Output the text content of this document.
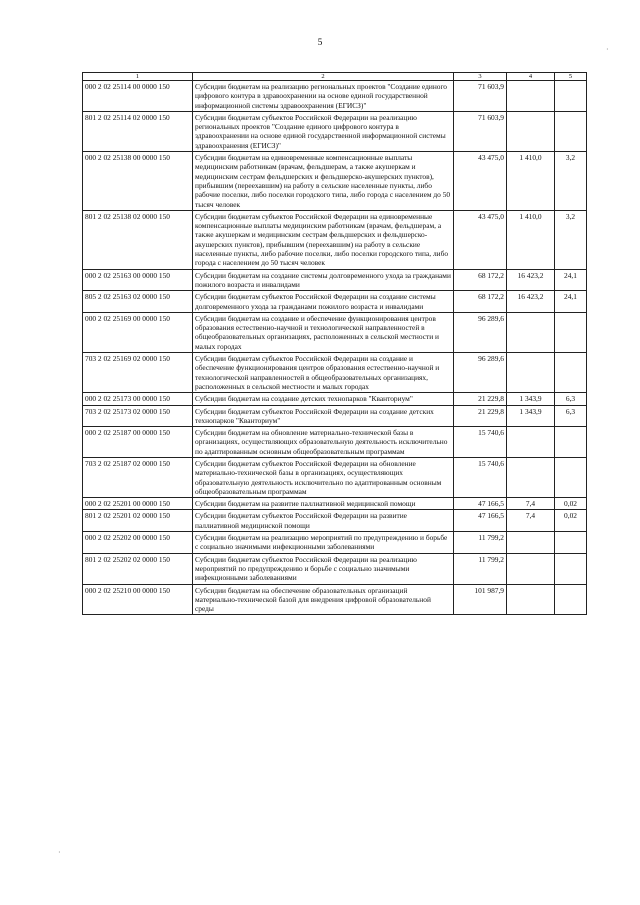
5
1	2	3	4	5
000 2 02 25114 00 0000 150	Субсидии бюджетам на реализацию региональных проектов "Создание единого цифрового контура в здравоохранении на основе единой государственной информационной системы здравоохранения (ЕГИСЗ)"	71 603,9		
801 2 02 25114 02 0000 150	Субсидии бюджетам субъектов Российской Федерации на реализацию региональных проектов "Создание единого цифрового контура в здравоохранении на основе единой государственной информационной системы здравоохранения (ЕГИСЗ)"	71 603,9		
000 2 02 25138 00 0000 150	Субсидии бюджетам на единовременные компенсационные выплаты медицинским работникам (врачам, фельдшерам, а также акушеркам и медицинским сестрам фельдшерских и фельдшерско-акушерских пунктов), прибывшим (переехавшим) на работу в сельские населенные пункты, либо рабочие поселки, либо поселки городского типа, либо города с населением до 50 тысяч человек	43 475,0	1 410,0	3,2
801 2 02 25138 02 0000 150	Субсидии бюджетам субъектов Российской Федерации на единовременные компенсационные выплаты медицинским работникам (врачам, фельдшерам, а также акушеркам и медицинским сестрам фельдшерских и фельдшерско-акушерских пунктов), прибывшим (переехавшим) на работу в сельские населенные пункты, либо рабочие поселки, либо поселки городского типа, либо города с населением до 50 тысяч человек	43 475,0	1 410,0	3,2
000 2 02 25163 00 0000 150	Субсидии бюджетам на создание системы долговременного ухода за гражданами пожилого возраста и инвалидами	68 172,2	16 423,2	24,1
805 2 02 25163 02 0000 150	Субсидии бюджетам субъектов Российской Федерации на создание системы долговременного ухода за гражданами пожилого возраста и инвалидами	68 172,2	16 423,2	24,1
000 2 02 25169 00 0000 150	Субсидии бюджетам на создание и обеспечение функционирования центров образования естественно-научной и технологической направленностей в общеобразовательных организациях, расположенных в сельской местности и малых городах	96 289,6		
703 2 02 25169 02 0000 150	Субсидии бюджетам субъектов Российской Федерации на создание и обеспечение функционирования центров образования естественно-научной и технологической направленностей в общеобразовательных организациях, расположенных в сельской местности и малых городах	96 289,6		
000 2 02 25173 00 0000 150	Субсидии бюджетам на создание детских технопарков "Кванториум"	21 229,8	1 343,9	6,3
703 2 02 25173 02 0000 150	Субсидии бюджетам субъектов Российской Федерации на создание детских технопарков "Кванториум"	21 229,8	1 343,9	6,3
000 2 02 25187 00 0000 150	Субсидии бюджетам на обновление материально-технической базы в организациях, осуществляющих образовательную деятельность исключительно по адаптированным основным общеобразовательным программам	15 740,6		
703 2 02 25187 02 0000 150	Субсидии бюджетам субъектов Российской Федерации на обновление материально-технической базы в организациях, осуществляющих образовательную деятельность исключительно по адаптированным основным общеобразовательным программам	15 740,6		
000 2 02 25201 00 0000 150	Субсидии бюджетам на развитие паллиативной медицинской помощи	47 166,5	7,4	0,02
801 2 02 25201 02 0000 150	Субсидии бюджетам субъектов Российской Федерации на развитие паллиативной медицинской помощи	47 166,5	7,4	0,02
000 2 02 25202 00 0000 150	Субсидии бюджетам на реализацию мероприятий по предупреждению и борьбе с социально значимыми инфекционными заболеваниями	11 799,2		
801 2 02 25202 02 0000 150	Субсидии бюджетам субъектов Российской Федерации на реализацию мероприятий по предупреждению и борьбе с социально значимыми инфекционными заболеваниями	11 799,2		
000 2 02 25210 00 0000 150	Субсидии бюджетам на обеспечение образовательных организаций материально-технической базой для внедрения цифровой образовательной среды	101 987,9		
·
·
